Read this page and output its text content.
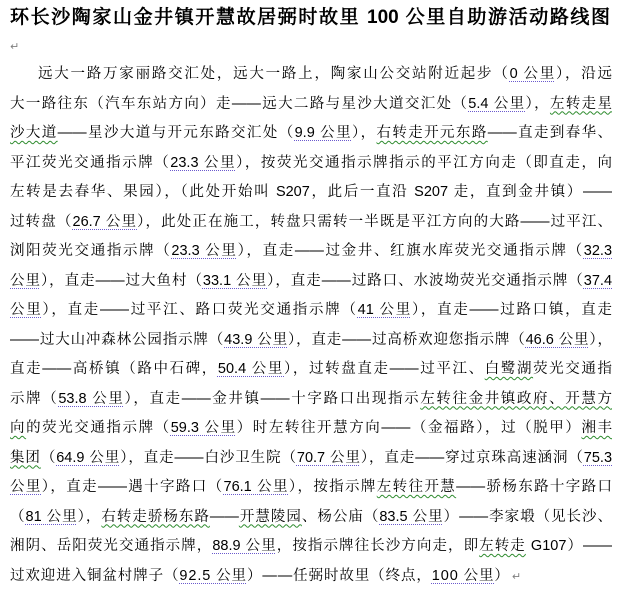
环长沙陶家山金井镇开慧故居弼时故里 100 公里自助游活动路线图
↵
远大一路万家丽路交汇处，远大一路上，陶家山公交站附近起步（0 公里），沿远
大一路往东（汽车东站方向）走——远大二路与星沙大道交汇处（5.4 公里），左转走星
沙大道——星沙大道与开元东路交汇处（9.9 公里），右转走开元东路——直走到春华、
平江荧光交通指示牌（23.3 公里），按荧光交通指示牌指示的平江方向走（即直走，向
左转是去春华、果园），（此处开始叫 S207，此后一直沿 S207 走，直到金井镇）——
过转盘（26.7 公里），此处正在施工，转盘只需转一半既是平江方向的大路——过平江、
浏阳荧光交通指示牌（23.3 公里），直走——过金井、红旗水库荧光交通指示牌（32.3
公里），直走——过大鱼村（33.1 公里），直走——过路口、水波坳荧光交通指示牌（37.4
公里），直走——过平江、路口荧光交通指示牌（41 公里），直走——过路口镇，直走
——过大山冲森林公园指示牌（43.9 公里），直走——过高桥欢迎您指示牌（46.6 公里），
直走——高桥镇（路中石碑，50.4 公里），过转盘直走——过平江、白鹭湖荧光交通指
示牌（53.8 公里），直走——金井镇——十字路口出现指示左转往金井镇政府、开慧方
向的荧光交通指示牌（59.3 公里）时左转往开慧方向——（金福路），过（脱甲）湘丰
集团（64.9 公里），直走——白沙卫生院（70.7 公里），直走——穿过京珠高速涵洞（75.3
公里），直走——遇十字路口（76.1 公里），按指示牌左转往开慧——骄杨东路十字路口
（81 公里），右转走骄杨东路——开慧陵园、杨公庙（83.5 公里）——李家塅（见长沙、
湘阴、岳阳荧光交通指示牌，88.9 公里，按指示牌往长沙方向走，即左转走 G107）——
过欢迎进入铜盆村牌子（92.5 公里）——任弼时故里（终点，100 公里） ↵
